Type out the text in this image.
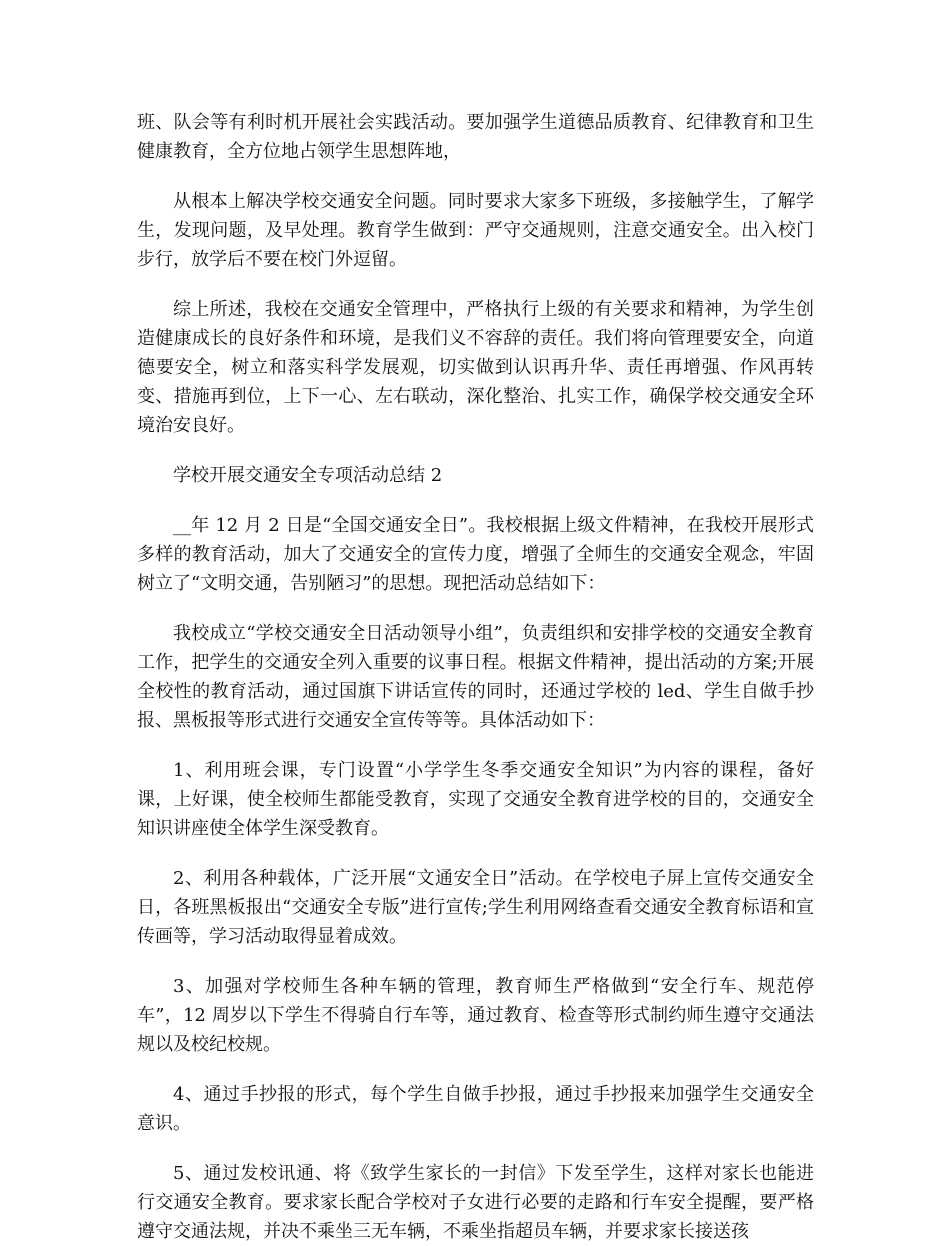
班、队会等有利时机开展社会实践活动。要加强学生道德品质教育、纪律教育和卫生健康教育，全方位地占领学生思想阵地，

从根本上解决学校交通安全问题。同时要求大家多下班级，多接触学生，了解学生，发现问题，及早处理。教育学生做到：严守交通规则，注意交通安全。出入校门步行，放学后不要在校门外逗留。

综上所述，我校在交通安全管理中，严格执行上级的有关要求和精神，为学生创造健康成长的良好条件和环境，是我们义不容辞的责任。我们将向管理要安全，向道德要安全，树立和落实科学发展观，切实做到认识再升华、责任再增强、作风再转变、措施再到位，上下一心、左右联动，深化整治、扎实工作，确保学校交通安全环境治安良好。

学校开展交通安全专项活动总结 2

__年 12 月 2 日是“全国交通安全日”。我校根据上级文件精神，在我校开展形式多样的教育活动，加大了交通安全的宣传力度，增强了全师生的交通安全观念，牢固树立了“文明交通，告别陋习”的思想。现把活动总结如下：

我校成立“学校交通安全日活动领导小组”，负责组织和安排学校的交通安全教育工作，把学生的交通安全列入重要的议事日程。根据文件精神，提出活动的方案;开展全校性的教育活动，通过国旗下讲话宣传的同时，还通过学校的 led、学生自做手抄报、黑板报等形式进行交通安全宣传等等。具体活动如下：

1、利用班会课，专门设置“小学学生冬季交通安全知识”为内容的课程，备好课，上好课，使全校师生都能受教育，实现了交通安全教育进学校的目的，交通安全知识讲座使全体学生深受教育。

2、利用各种载体，广泛开展“文通安全日”活动。在学校电子屏上宣传交通安全日，各班黑板报出“交通安全专版”进行宣传;学生利用网络查看交通安全教育标语和宣传画等，学习活动取得显着成效。

3、加强对学校师生各种车辆的管理，教育师生严格做到“安全行车、规范停车”，12 周岁以下学生不得骑自行车等，通过教育、检查等形式制约师生遵守交通法规以及校纪校规。

4、通过手抄报的形式，每个学生自做手抄报，通过手抄报来加强学生交通安全意识。

5、通过发校讯通、将《致学生家长的一封信》下发至学生，这样对家长也能进行交通安全教育。要求家长配合学校对子女进行必要的走路和行车安全提醒，要严格遵守交通法规，并决不乘坐三无车辆，不乘坐指超员车辆，并要求家长接送孩
